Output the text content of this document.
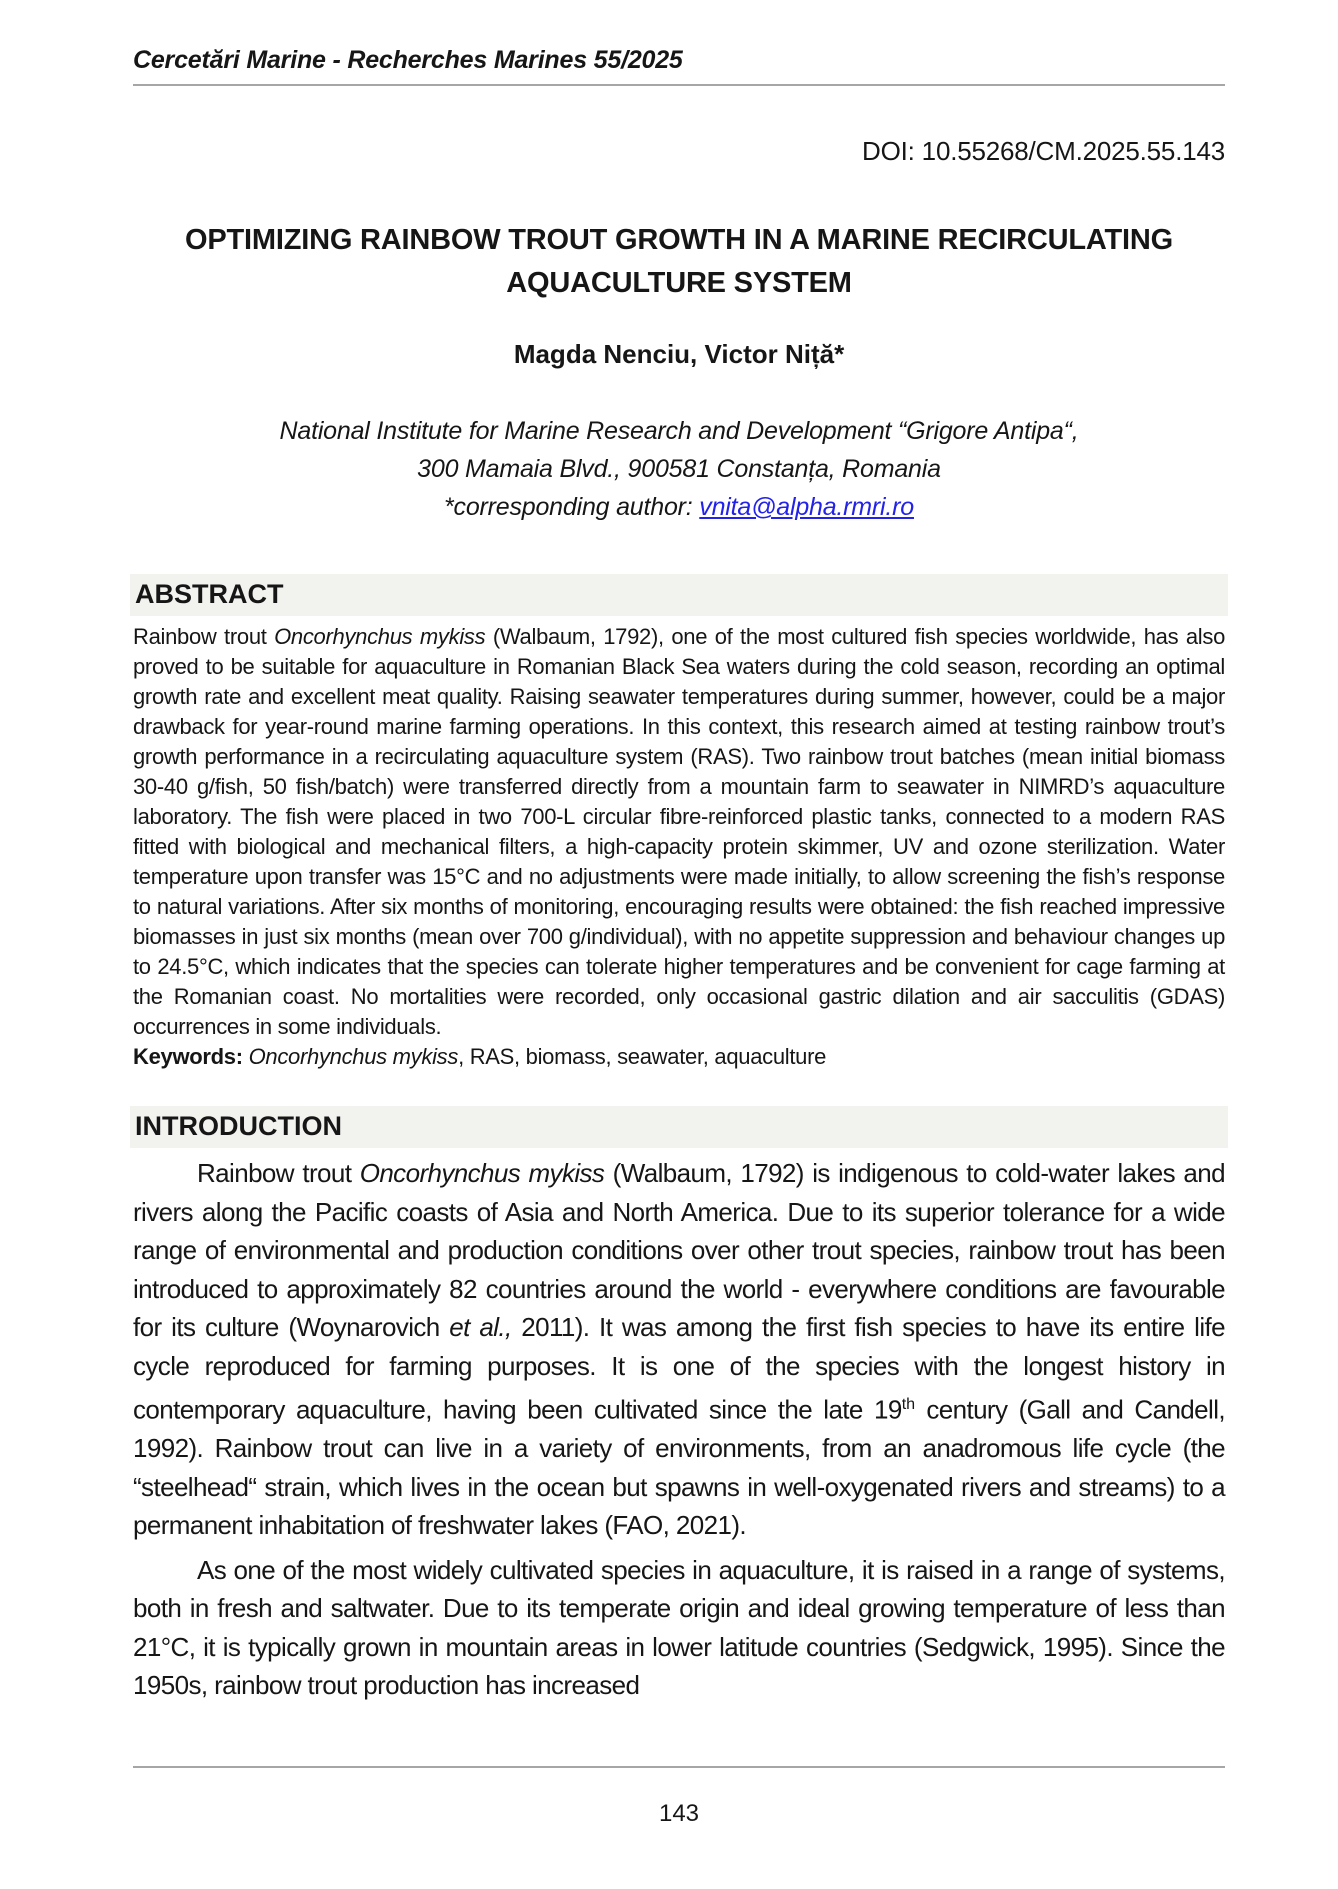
Cercetări Marine - Recherches Marines 55/2025
DOI: 10.55268/CM.2025.55.143
OPTIMIZING RAINBOW TROUT GROWTH IN A MARINE RECIRCULATING AQUACULTURE SYSTEM
Magda Nenciu, Victor Niță*
National Institute for Marine Research and Development “Grigore Antipa“,
300 Mamaia Blvd., 900581 Constanța, Romania
*corresponding author: vnita@alpha.rmri.ro
ABSTRACT

Rainbow trout Oncorhynchus mykiss (Walbaum, 1792), one of the most cultured fish species worldwide, has also proved to be suitable for aquaculture in Romanian Black Sea waters during the cold season, recording an optimal growth rate and excellent meat quality. Raising seawater temperatures during summer, however, could be a major drawback for year-round marine farming operations. In this context, this research aimed at testing rainbow trout’s growth performance in a recirculating aquaculture system (RAS). Two rainbow trout batches (mean initial biomass 30-40 g/fish, 50 fish/batch) were transferred directly from a mountain farm to seawater in NIMRD’s aquaculture laboratory. The fish were placed in two 700-L circular fibre-reinforced plastic tanks, connected to a modern RAS fitted with biological and mechanical filters, a high-capacity protein skimmer, UV and ozone sterilization. Water temperature upon transfer was 15°C and no adjustments were made initially, to allow screening the fish’s response to natural variations. After six months of monitoring, encouraging results were obtained: the fish reached impressive biomasses in just six months (mean over 700 g/individual), with no appetite suppression and behaviour changes up to 24.5°C, which indicates that the species can tolerate higher temperatures and be convenient for cage farming at the Romanian coast. No mortalities were recorded, only occasional gastric dilation and air sacculitis (GDAS) occurrences in some individuals.

Keywords: Oncorhynchus mykiss, RAS, biomass, seawater, aquaculture

INTRODUCTION

Rainbow trout Oncorhynchus mykiss (Walbaum, 1792) is indigenous to cold-water lakes and rivers along the Pacific coasts of Asia and North America. Due to its superior tolerance for a wide range of environmental and production conditions over other trout species, rainbow trout has been introduced to approximately 82 countries around the world - everywhere conditions are favourable for its culture (Woynarovich et al., 2011). It was among the first fish species to have its entire life cycle reproduced for farming purposes. It is one of the species with the longest history in contemporary aquaculture, having been cultivated since the late 19th century (Gall and Candell, 1992). Rainbow trout can live in a variety of environments, from an anadromous life cycle (the “steelhead“ strain, which lives in the ocean but spawns in well-oxygenated rivers and streams) to a permanent inhabitation of freshwater lakes (FAO, 2021).

As one of the most widely cultivated species in aquaculture, it is raised in a range of systems, both in fresh and saltwater. Due to its temperate origin and ideal growing temperature of less than 21°C, it is typically grown in mountain areas in lower latitude countries (Sedgwick, 1995). Since the 1950s, rainbow trout production has increased

143
